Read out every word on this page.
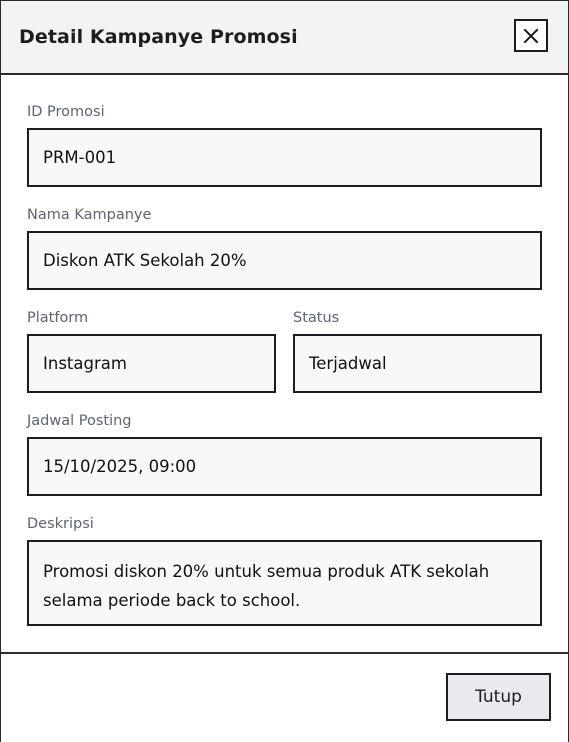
Detail Kampanye Promosi
ID Promosi
PRM-001
Nama Kampanye
Diskon ATK Sekolah 20%
Platform
Instagram
Status
Terjadwal
Jadwal Posting
15/10/2025, 09:00
Deskripsi
Promosi diskon 20% untuk semua produk ATK sekolah selama periode back to school.
Tutup
